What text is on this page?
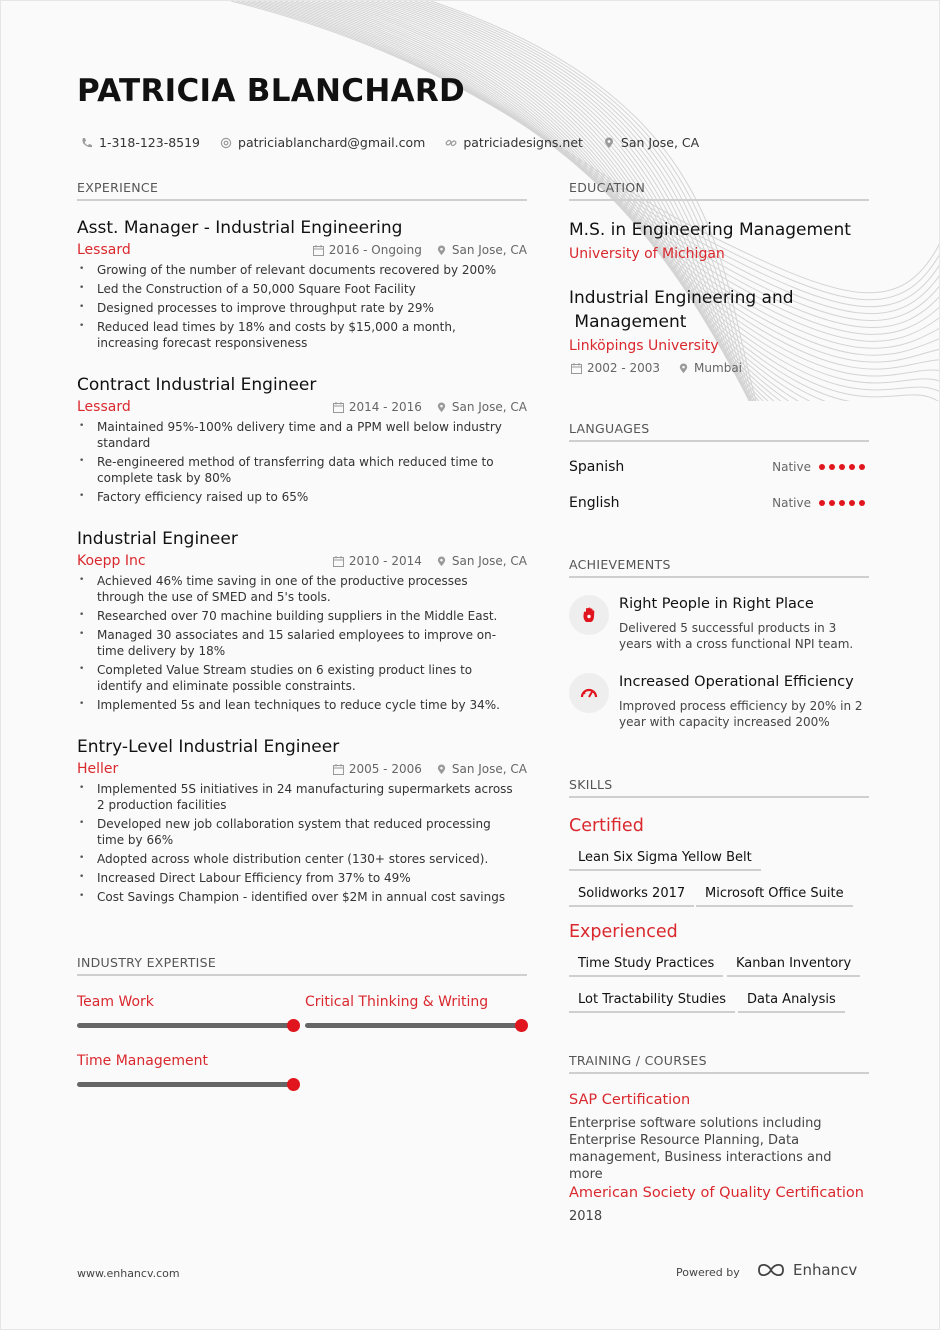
PATRICIA BLANCHARD
1-318-123-8519	patriciablanchard@gmail.com	patriciadesigns.net	San Jose, CA
EXPERIENCE
Asst. Manager - Industrial Engineering
Lessard	2016 - Ongoing	San Jose, CA
• Growing of the number of relevant documents recovered by 200%
• Led the Construction of a 50,000 Square Foot Facility
• Designed processes to improve throughput rate by 29%
• Reduced lead times by 18% and costs by $15,000 a month, increasing forecast responsiveness
Contract Industrial Engineer
Lessard	2014 - 2016	San Jose, CA
• Maintained 95%-100% delivery time and a PPM well below industry standard
• Re-engineered method of transferring data which reduced time to complete task by 80%
• Factory efficiency raised up to 65%
Industrial Engineer
Koepp Inc	2010 - 2014	San Jose, CA
• Achieved 46% time saving in one of the productive processes through the use of SMED and 5's tools.
• Researched over 70 machine building suppliers in the Middle East.
• Managed 30 associates and 15 salaried employees to improve on-time delivery by 18%
• Completed Value Stream studies on 6 existing product lines to identify and eliminate possible constraints.
• Implemented 5s and lean techniques to reduce cycle time by 34%.
Entry-Level Industrial Engineer
Heller	2005 - 2006	San Jose, CA
• Implemented 5S initiatives in 24 manufacturing supermarkets across 2 production facilities
• Developed new job collaboration system that reduced processing time by 66%
• Adopted across whole distribution center (130+ stores serviced).
• Increased Direct Labour Efficiency from 37% to 49%
• Cost Savings Champion - identified over $2M in annual cost savings
INDUSTRY EXPERTISE
Team Work	Critical Thinking & Writing
Time Management
EDUCATION
M.S. in Engineering Management
University of Michigan
Industrial Engineering and
Management
Linköpings University
2002 - 2003	Mumbai
LANGUAGES
Spanish	Native
English	Native
ACHIEVEMENTS
Right People in Right Place
Delivered 5 successful products in 3 years with a cross functional NPI team.
Increased Operational Efficiency
Improved process efficiency by 20% in 2 year with capacity increased 200%
SKILLS
Certified
Lean Six Sigma Yellow Belt
Solidworks 2017	Microsoft Office Suite
Experienced
Time Study Practices	Kanban Inventory
Lot Tractability Studies	Data Analysis
TRAINING / COURSES
SAP Certification
Enterprise software solutions including Enterprise Resource Planning, Data management, Business interactions and more
American Society of Quality Certification
2018
www.enhancv.com	Powered by	Enhancv
